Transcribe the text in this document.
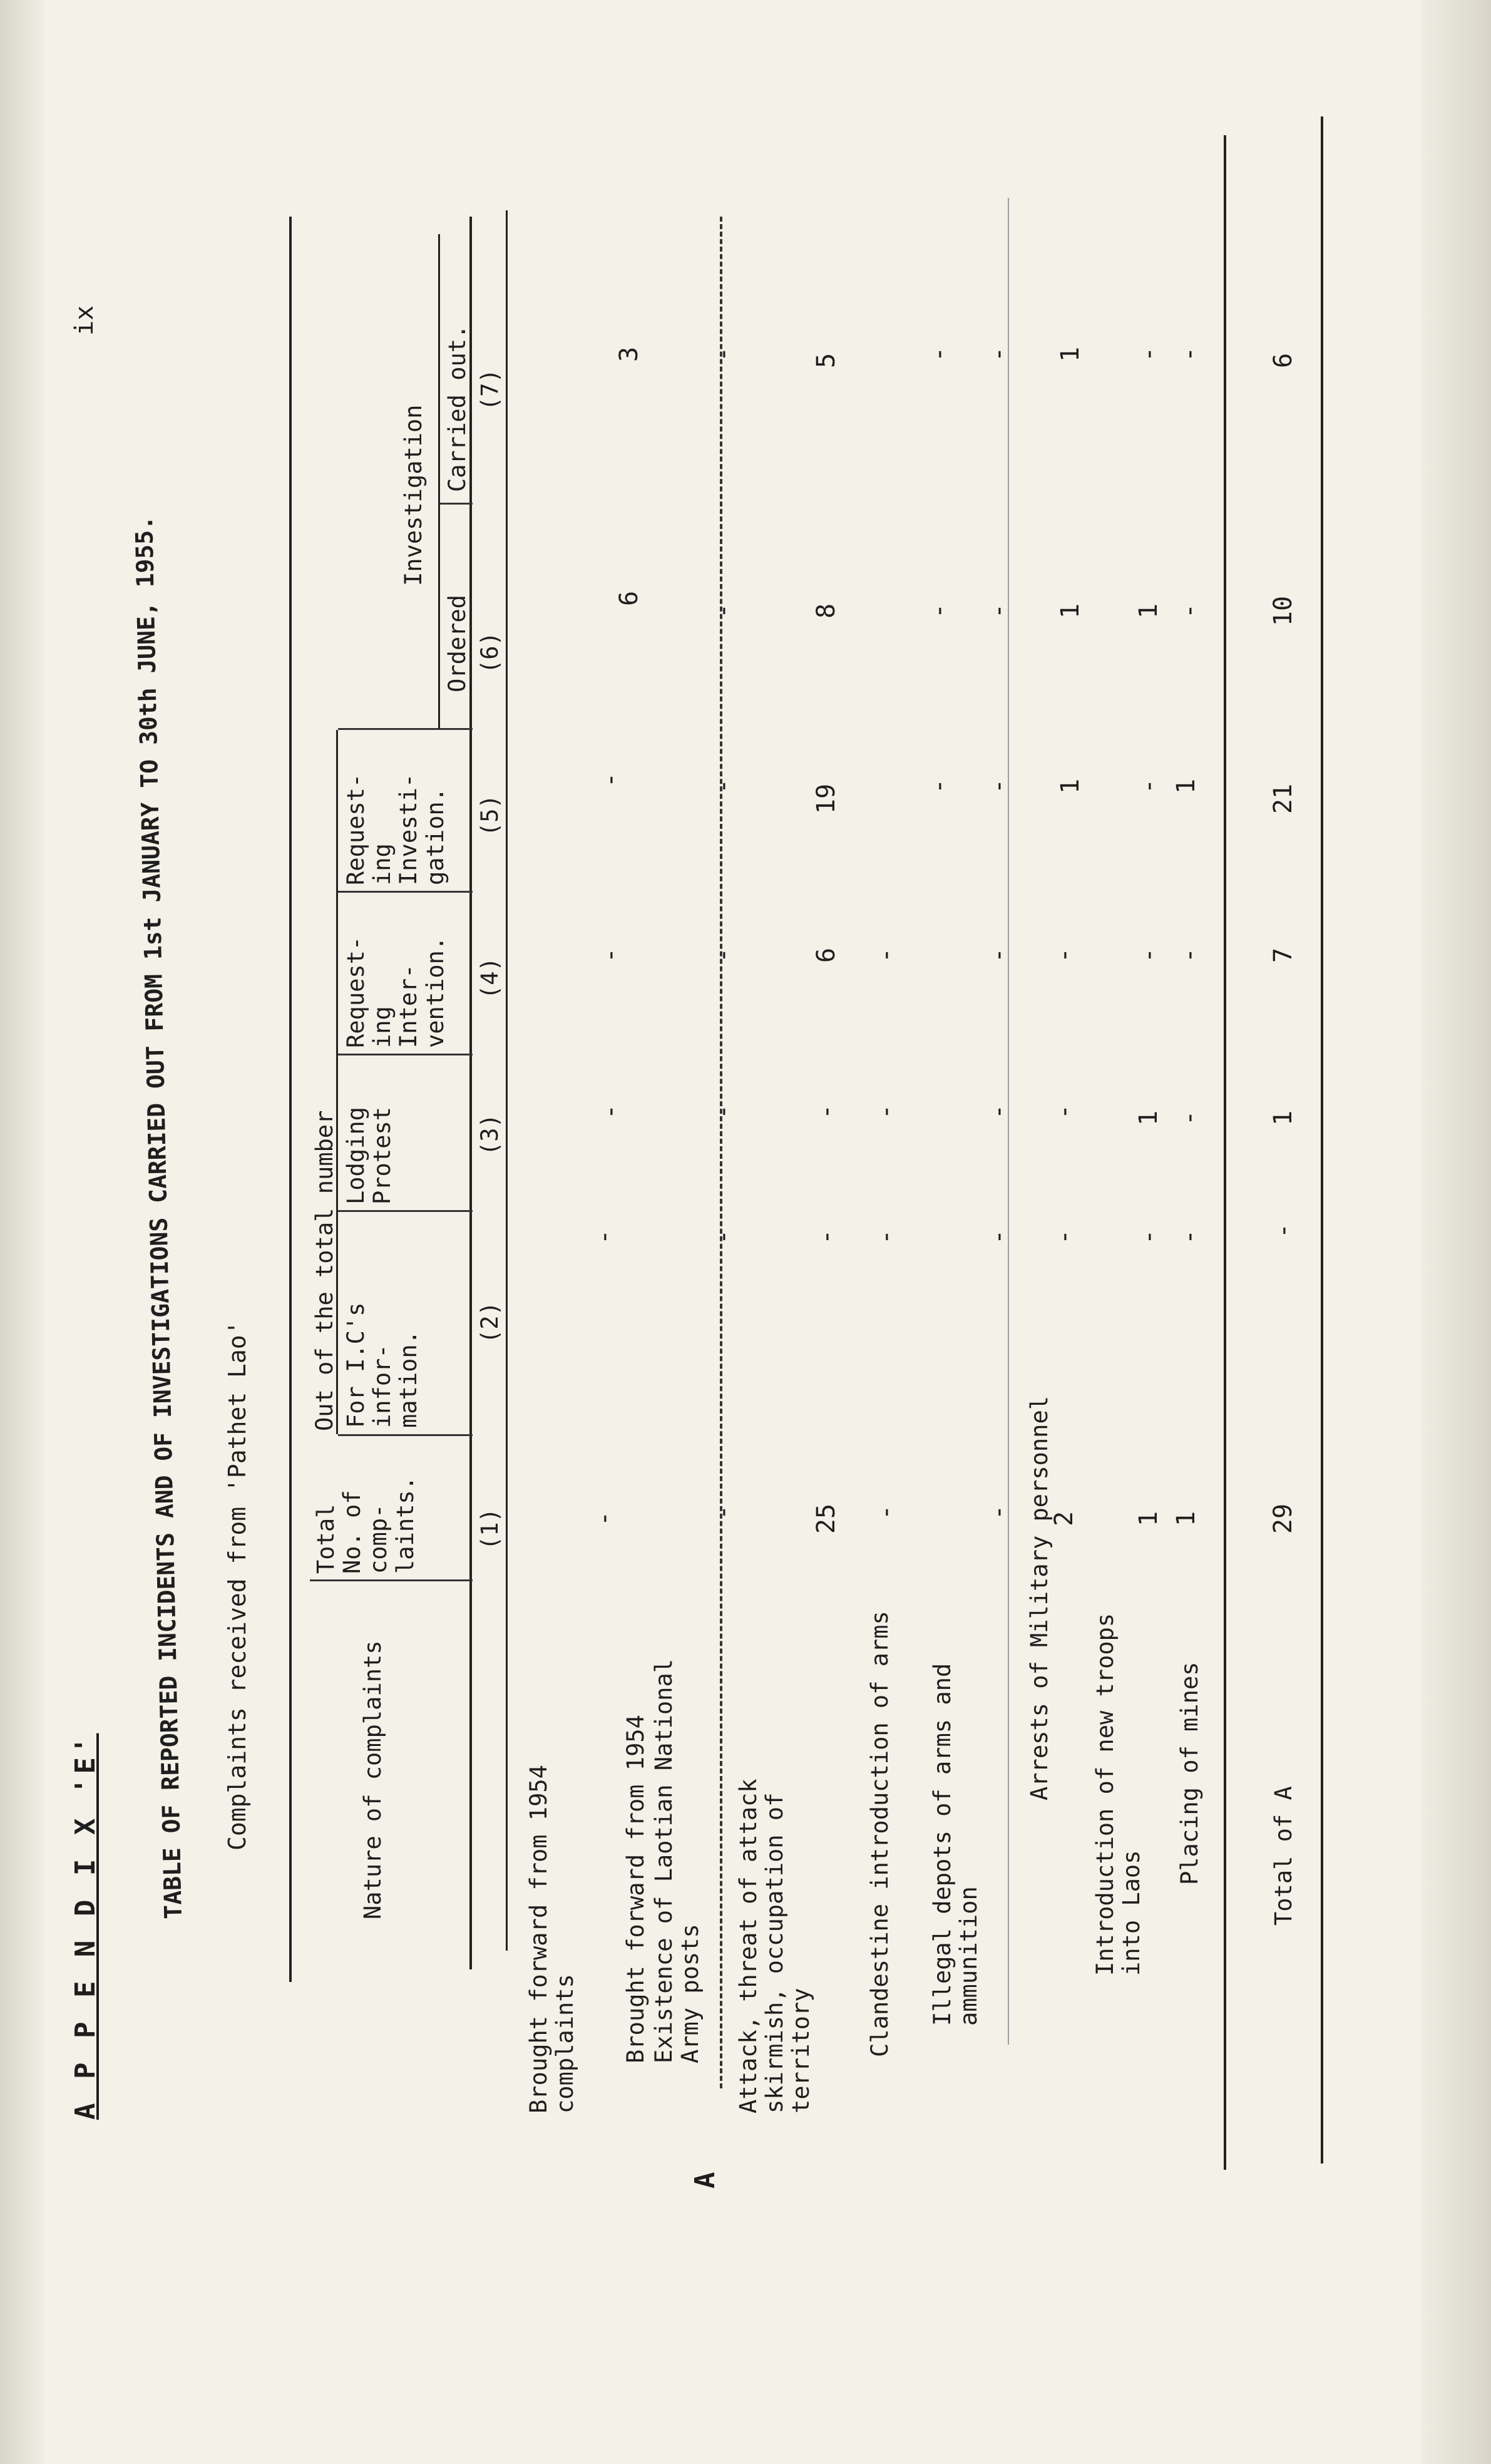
A P P E N D I X 'E'
ix
TABLE OF REPORTED INCIDENTS AND OF INVESTIGATIONS CARRIED OUT FROM 1st JANUARY TO 30th JUNE, 1955. Complaints received from 'Pathet Lao'	Nature of complaints
Total No. of comp- laints.
Out of the total number For I.C's infor- mation.
Lodging Protest
Request- ing Inter- vention.
Request- ing Investi- gation.
Investigation
Ordered
Carried out.
(1)
(2)
(3)
(4)
(5)
(6)
(7)
A
Brought forward from 1954 complaints Brought forward from 1954 Existence of Laotian National Army posts Attack, threat of attack skirmish, occupation of territory Clandestine introduction of arms Illegal depots of arms and ammunition
Arrests of Military personnel Introduction of new troops into Laos
Placing of mines	Total of A
-
-
-
-
-
6
3
-
-
-
-
-
-
-
25
-
-
6
19
8
5
-
-
-
-
-
-
-
-
-
-
-
-
-
-
2
-
-
-
1
1
1
1
-
1
-
-
1
-
1
-
-
-
1
-
-
29
-
1
7
21
10
6
